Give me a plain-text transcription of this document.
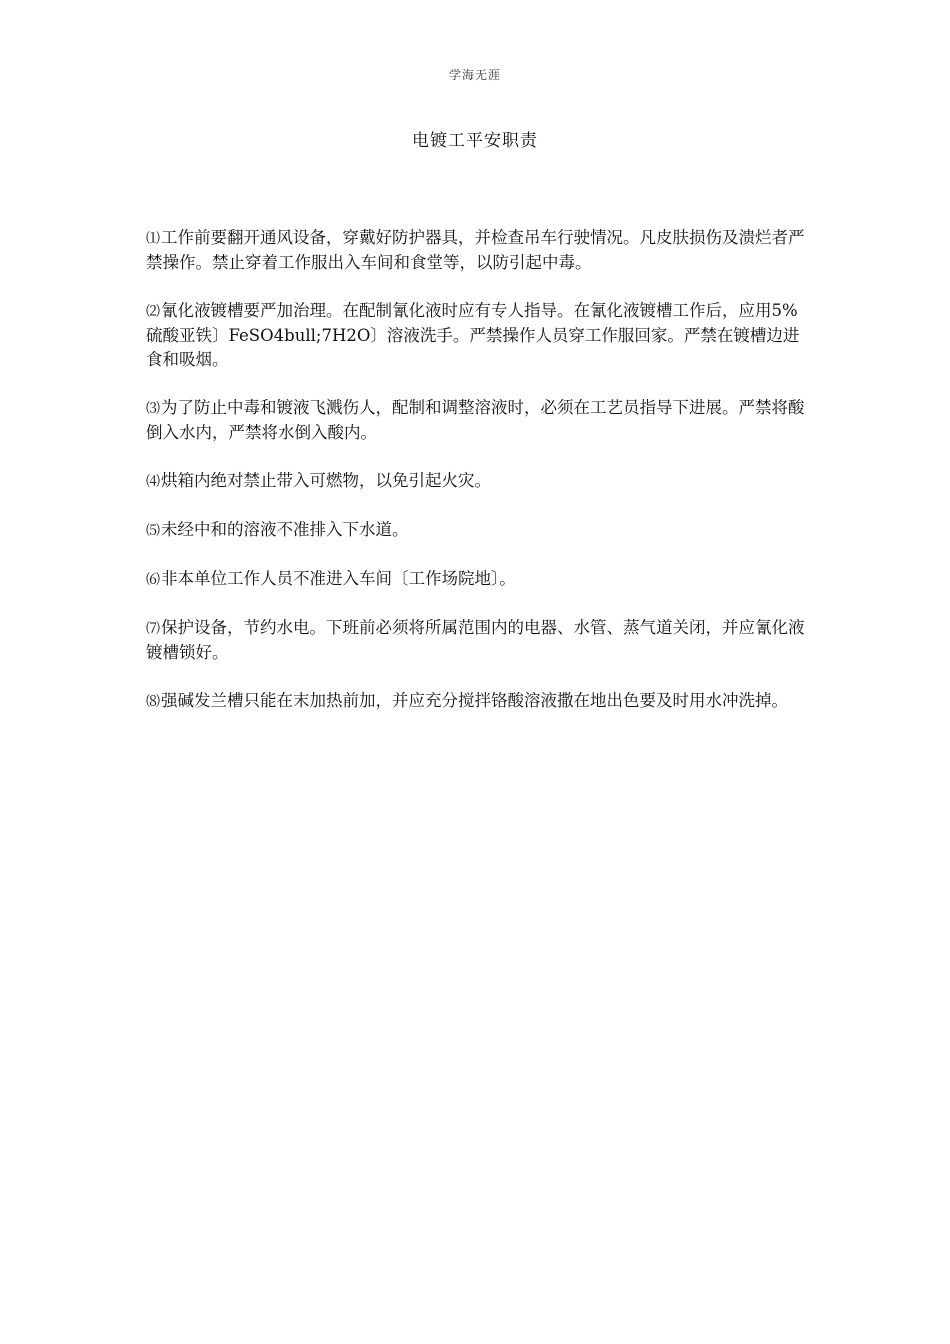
学海无涯
电镀工平安职责

⑴工作前要翻开通风设备，穿戴好防护器具，并检查吊车行驶情况。凡皮肤损伤及溃烂者严禁操作。禁止穿着工作服出入车间和食堂等，以防引起中毒。

⑵氰化液镀槽要严加治理。在配制氰化液时应有专人指导。在氰化液镀槽工作后，应用5%硫酸亚铁〕FeSO4bull;7H2O〕溶液洗手。严禁操作人员穿工作服回家。严禁在镀槽边进食和吸烟。

⑶为了防止中毒和镀液飞溅伤人，配制和调整溶液时，必须在工艺员指导下进展。严禁将酸倒入水内，严禁将水倒入酸内。

⑷烘箱内绝对禁止带入可燃物，以免引起火灾。

⑸未经中和的溶液不准排入下水道。

⑹非本单位工作人员不准进入车间〔工作场院地〕。

⑺保护设备，节约水电。下班前必须将所属范围内的电器、水管、蒸气道关闭，并应氰化液镀槽锁好。

⑻强碱发兰槽只能在末加热前加，并应充分搅拌铬酸溶液撒在地出色要及时用水冲洗掉。
